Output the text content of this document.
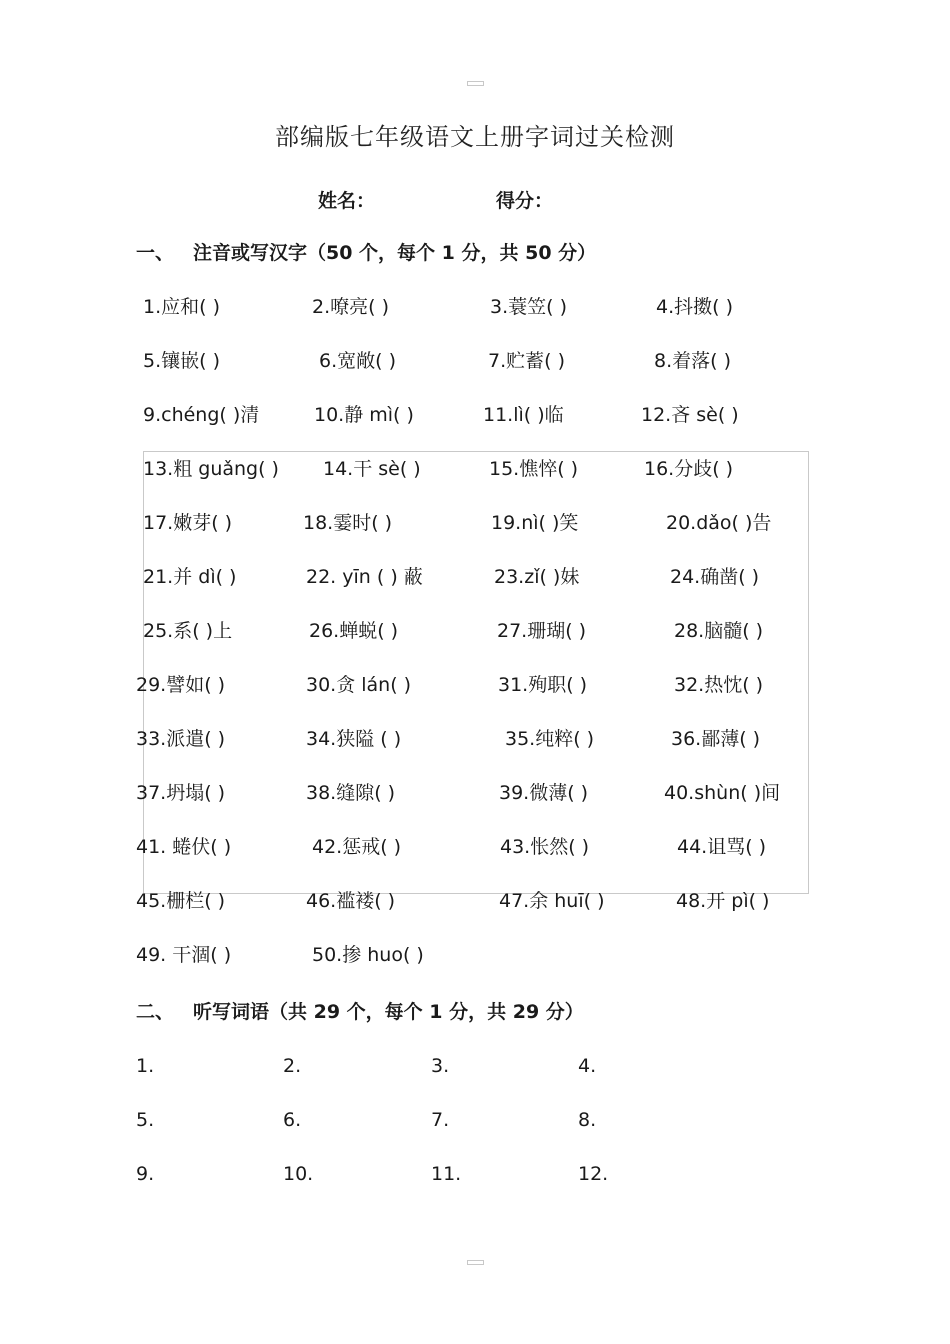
部编版七年级语文上册字词过关检测
姓名：	得分：
一、 注音或写汉字（50 个，每个 1 分，共 50 分）
1.应和( )	2.嘹亮( )	3.蓑笠( )	4.抖擞( )
5.镶嵌( )	6.宽敞( )	7.贮蓄( )	8.着落( )
9.chéng( )清	10.静 mì( )	11.lì( )临	12.吝 sè( )
13.粗 guǎng( ) 14.干 sè( )	15.憔悴( )	16.分歧( )
17.嫩芽( )	18.霎时( )	19.nì( )笑	20.dǎo( )告
21.并 dì( )	22. yīn ( ) 蔽	23.zǐ( )妹	24.确凿( )
25.系( )上	26.蝉蜕( )	27.珊瑚( )	28.脑髓( )
29.譬如( )	30.贪 lán( )	31.殉职( )	32.热忱( )
33.派遣( )	34.狭隘 ( )	35.纯粹( )	36.鄙薄( )
37.坍塌( )	38.缝隙( )	39.微薄( )	40.shùn( )间
41. 蜷伏( )	42.惩戒( )	43.怅然( )	44.诅骂( )
45.栅栏( )	46.褴褛( )	47.余 huī( )	48.开 pì( )
49. 干涸( )	50.掺 huo( )
二、 听写词语（共 29 个，每个 1 分，共 29 分）
1.	2.	3.	4.
5.	6.	7.	8.
9.	10.	11.	12.
